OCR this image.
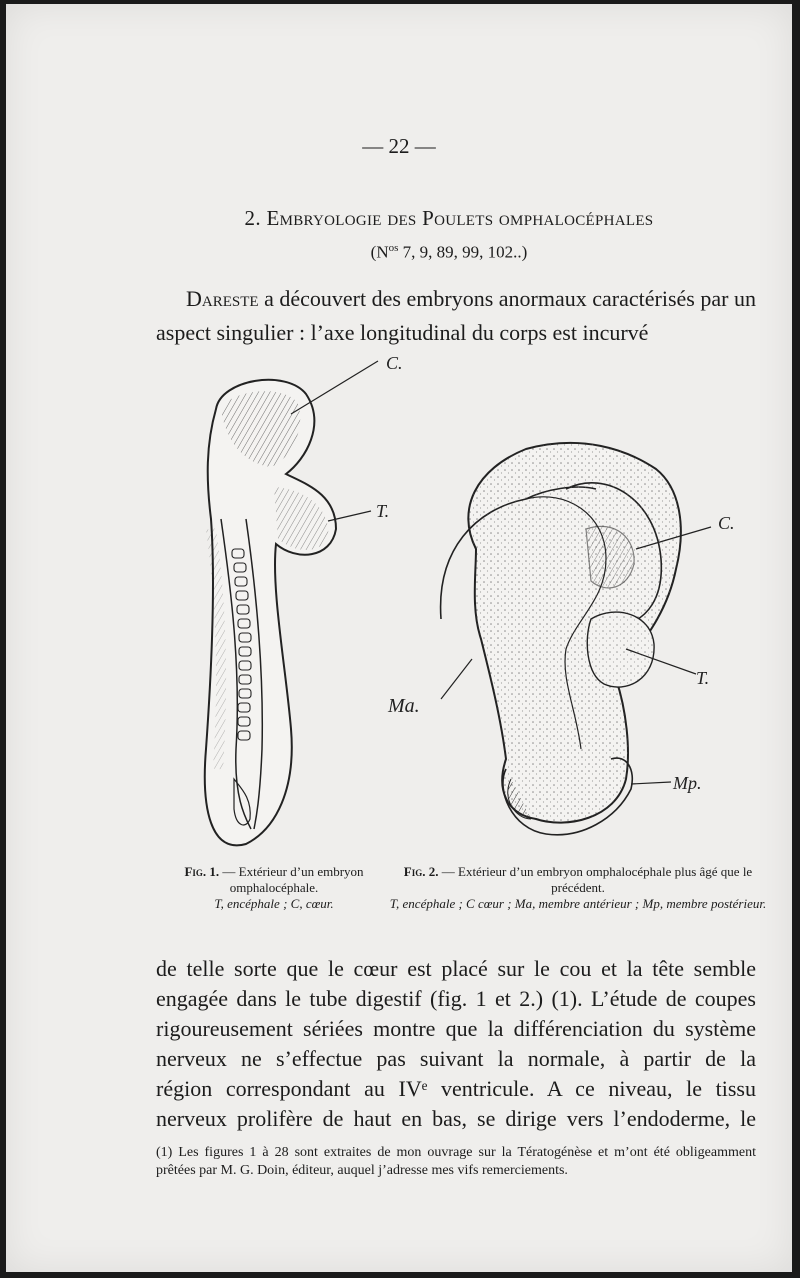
— 22 —
2. Embryologie des Poulets omphalocéphales
($N^{os}$ 7, 9, 89, 99, 102..)
Dareste a découvert des embryons anormaux caractérisés par un aspect singulier : l’axe longitudinal du corps est incurvé
C.
T.
C.
T.
Ma.
Mp.
Fig. 1. — Extérieur d’un embryon omphalocéphale.
T, encéphale ; C, cœur.
Fig. 2. — Extérieur d’un embryon omphalocéphale plus âgé que le précédent.
T, encéphale ; C cœur ; Ma, membre antérieur ; Mp, membre postérieur.
de telle sorte que le cœur est placé sur le cou et la tête semble
engagée dans le tube digestif (fig. 1 et 2.) (1). L’étude de coupes
rigoureusement sériées montre que la différenciation du système
nerveux ne s’effectue pas suivant la normale, à partir de la
région correspondant au IVᵉ ventricule. A ce niveau, le tissu
nerveux prolifère de haut en bas, se dirige vers l’endoderme, le
(1) Les figures 1 à 28 sont extraites de mon ouvrage sur la Tératogénèse et m’ont été obligeamment prêtées par M. G. Doin, éditeur, auquel j’adresse mes vifs remerciements.
